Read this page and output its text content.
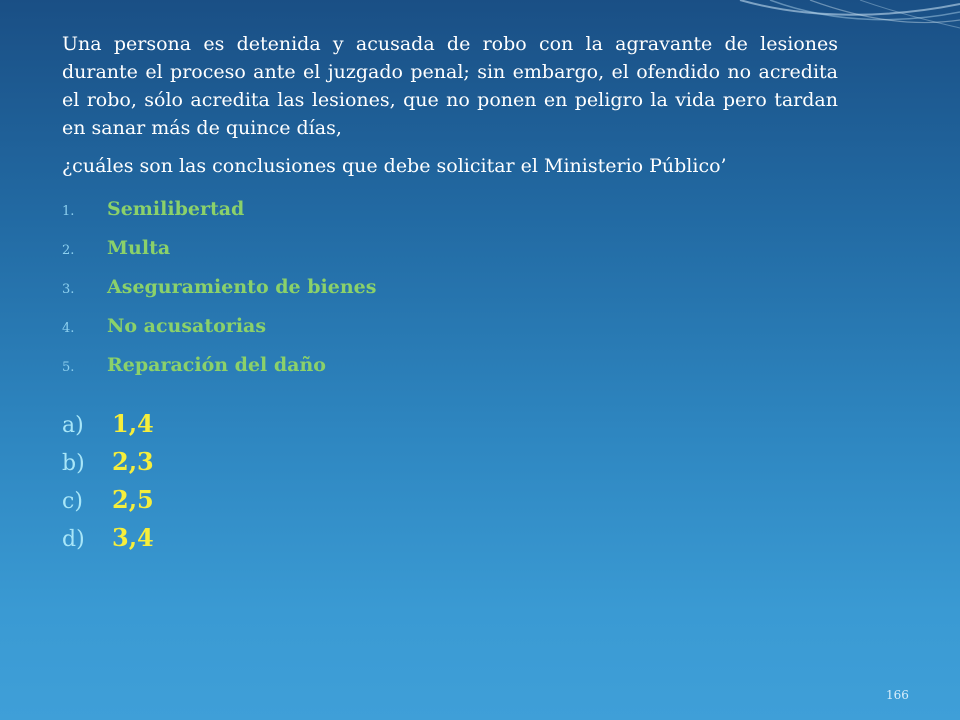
Una persona es detenida y acusada de robo con la agravante de lesiones durante el proceso ante el juzgado penal; sin embargo, el ofendido no acredita el robo, sólo acredita las lesiones, que no ponen en peligro la vida pero tardan en sanar más de quince días,

¿cuáles son las conclusiones que debe solicitar el Ministerio Público’

1.	Semilibertad
2.	Multa
3.	Aseguramiento de bienes
4.	No acusatorias
5.	Reparación del daño
a)	1,4
b)	2,3
c)	2,5
d)	3,4
166
